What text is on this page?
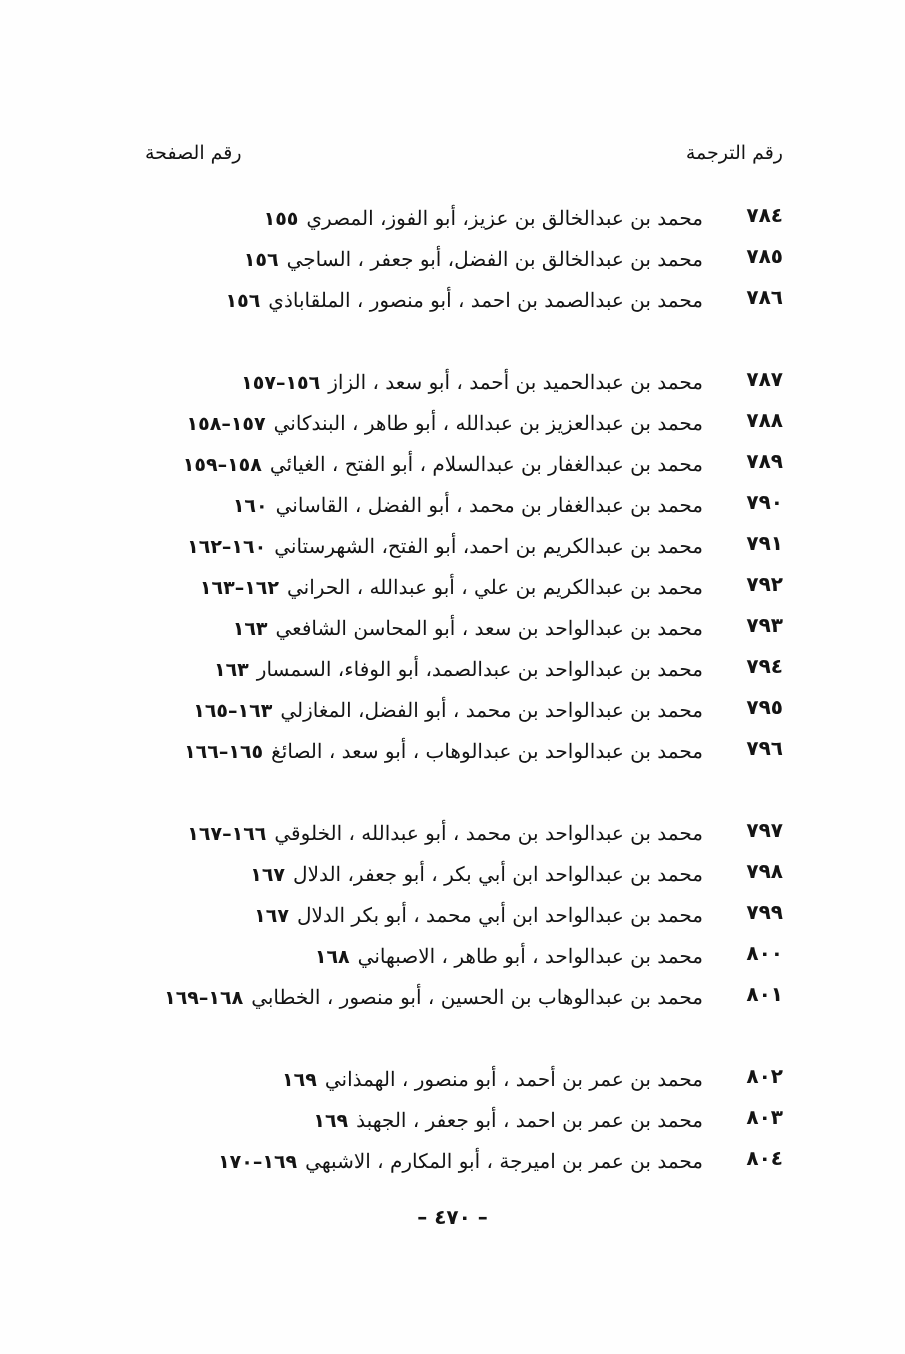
رقم الترجمة
رقم الصفحة
٧٨٤
محمد بن عبدالخالق بن عزيز، أبو الفوز، المصري١٥٥
٧٨٥
محمد بن عبدالخالق بن الفضل، أبو جعفر ، الساجي١٥٦
٧٨٦
محمد بن عبدالصمد بن احمد ، أبو منصور ، الملقاباذي١٥٦
٧٨٧
محمد بن عبدالحميد بن أحمد ، أبو سعد ، الزاز١٥٦–١٥٧
٧٨٨
محمد بن عبدالعزيز بن عبدالله ، أبو طاهر ، البندكاني١٥٧–١٥٨
٧٨٩
محمد بن عبدالغفار بن عبدالسلام ، أبو الفتح ، الغيائي١٥٨–١٥٩
٧٩٠
محمد بن عبدالغفار بن محمد ، أبو الفضل ، القاساني١٦٠
٧٩١
محمد بن عبدالكريم بن احمد، أبو الفتح، الشهرستاني١٦٠–١٦٢
٧٩٢
محمد بن عبدالكريم بن علي ، أبو عبدالله ، الحراني١٦٢–١٦٣
٧٩٣
محمد بن عبدالواحد بن سعد ، أبو المحاسن الشافعي١٦٣
٧٩٤
محمد بن عبدالواحد بن عبدالصمد، أبو الوفاء، السمسار١٦٣
٧٩٥
محمد بن عبدالواحد بن محمد ، أبو الفضل، المغازلي١٦٣–١٦٥
٧٩٦
محمد بن عبدالواحد بن عبدالوهاب ، أبو سعد ، الصائغ١٦٥–١٦٦
٧٩٧
محمد بن عبدالواحد بن محمد ، أبو عبدالله ، الخلوقي١٦٦–١٦٧
٧٩٨
محمد بن عبدالواحد ابن أبي بكر ، أبو جعفر، الدلال١٦٧
٧٩٩
محمد بن عبدالواحد ابن أبي محمد ، أبو بكر الدلال١٦٧
٨٠٠
محمد بن عبدالواحد ، أبو طاهر ، الاصبهاني١٦٨
٨٠١
محمد بن عبدالوهاب بن الحسين ، أبو منصور ، الخطابي١٦٨–١٦٩
٨٠٢
محمد بن عمر بن أحمد ، أبو منصور ، الهمذاني١٦٩
٨٠٣
محمد بن عمر بن احمد ، أبو جعفر ، الجهبذ١٦٩
٨٠٤
محمد بن عمر بن اميرجة ، أبو المكارم ، الاشبهي١٦٩–١٧٠
– ٤٧٠ –
